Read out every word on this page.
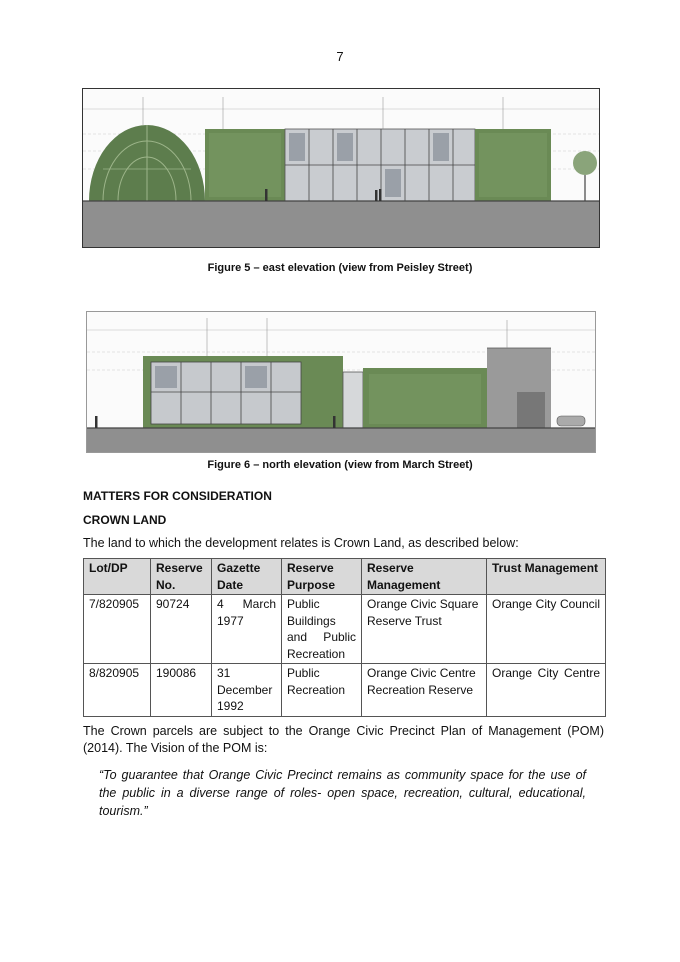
7
Figure 5 – east elevation (view from Peisley Street)
Figure 6 – north elevation (view from March Street)
MATTERS FOR CONSIDERATION
CROWN LAND
The land to which the development relates is Crown Land, as described below:
Lot/DP	Reserve No.	Gazette Date	Reserve Purpose	Reserve Management	Trust Management
7/820905	90724	4 March 1977	Public Buildings and Public Recreation	Orange Civic Square Reserve Trust	Orange City Council
8/820905	190086	31 December 1992	Public Recreation	Orange Civic Centre Recreation Reserve	Orange City Centre
The Crown parcels are subject to the Orange Civic Precinct Plan of Management (POM) (2014). The Vision of the POM is:
“To guarantee that Orange Civic Precinct remains as community space for the use of the public in a diverse range of roles- open space, recreation, cultural, educational, tourism.”
